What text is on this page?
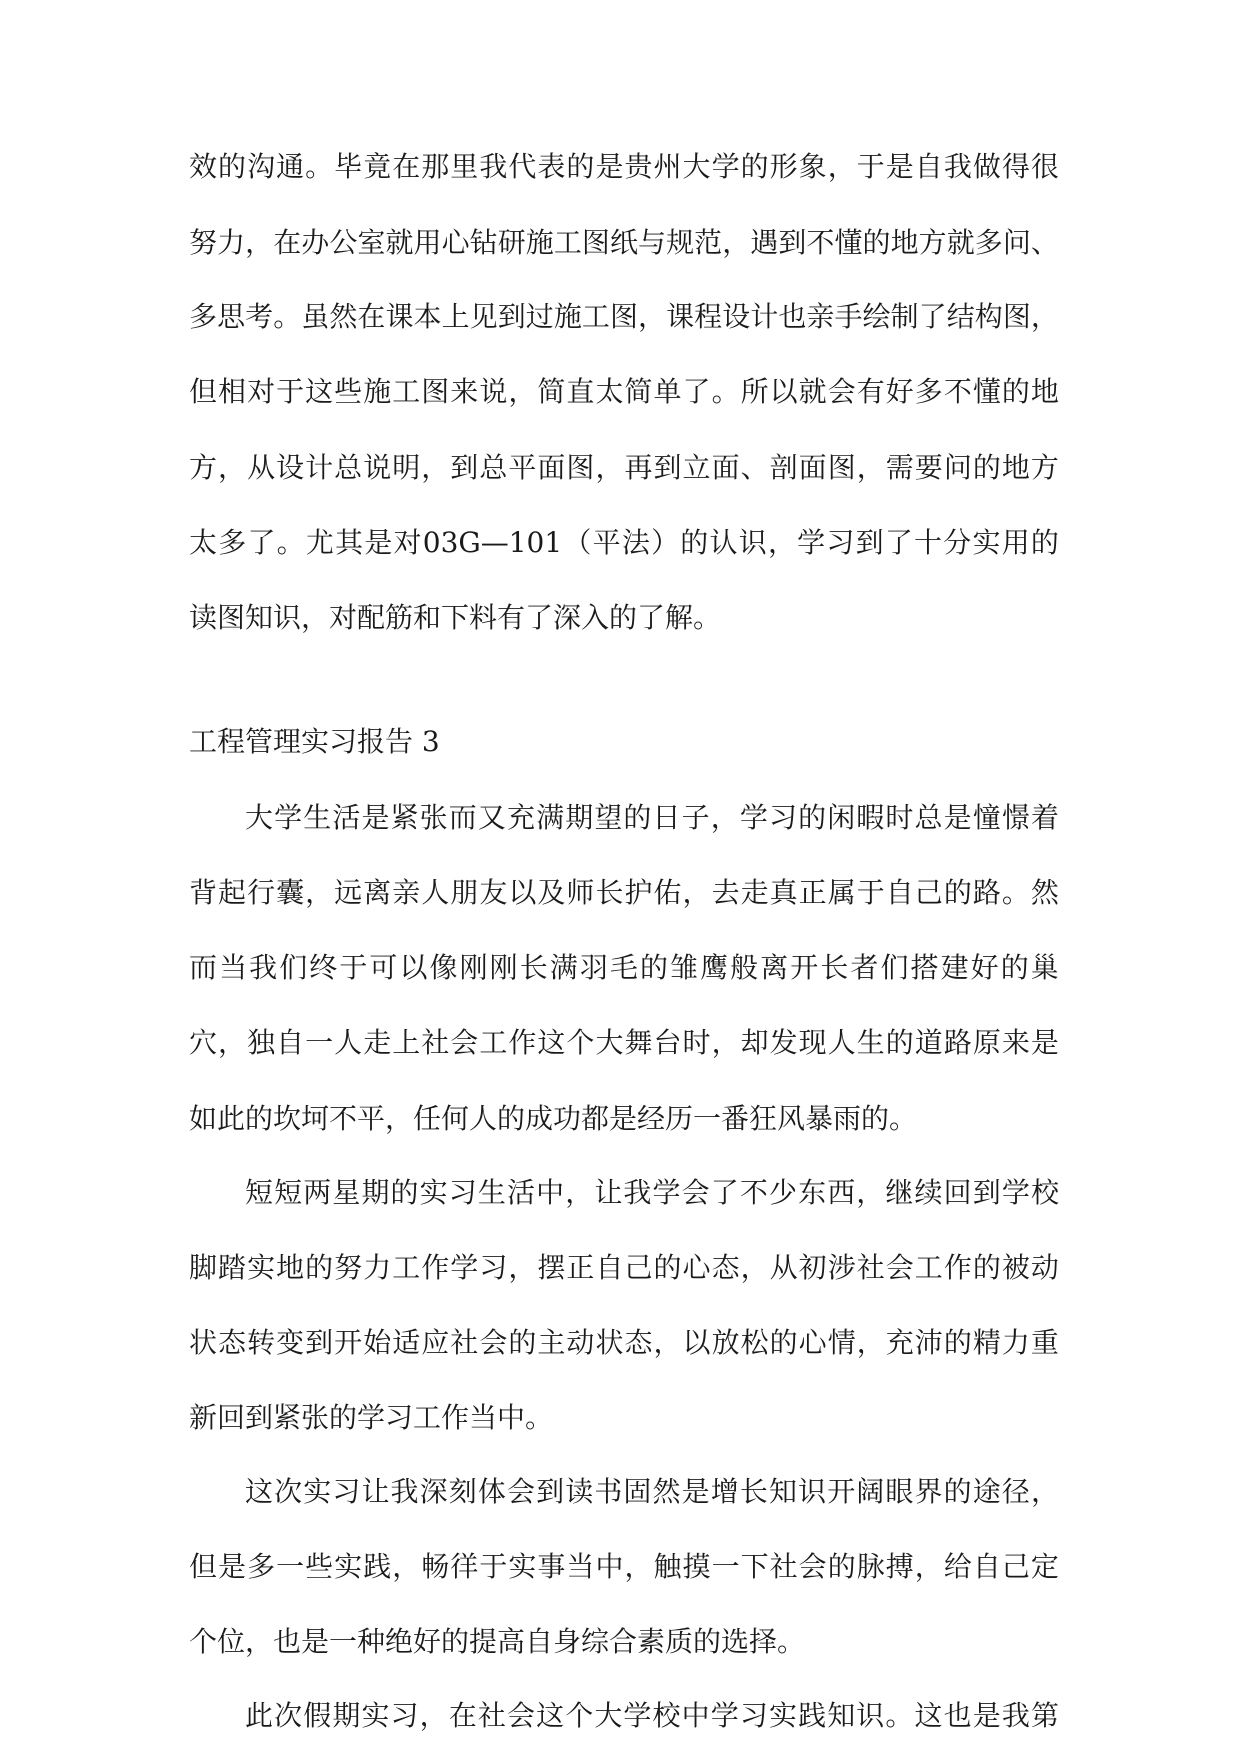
效 的 沟 通 。 毕 竟 在 那 里 我 代 表 的 是 贵 州 大 学 的 形 象 ， 于 是 自 我 做 得 很
努 力 ， 在 办 公 室 就 用 心 钻 研 施 工 图 纸 与 规 范 ， 遇 到 不 懂 的 地 方 就 多 问 、
多 思 考 。 虽 然 在 课 本 上 见 到 过 施 工 图 ， 课 程 设 计 也 亲 手 绘 制 了 结 构 图 ，
但 相 对 于 这 些 施 工 图 来 说 ， 简 直 太 简 单 了 。 所 以 就 会 有 好 多 不 懂 的 地
方 ， 从 设 计 总 说 明 ， 到 总 平 面 图 ， 再 到 立 面 、 剖 面 图 ， 需 要 问 的 地 方
太 多 了 。 尤 其 是 对 03G—101 （ 平 法 ） 的 认 识 ， 学 习 到 了 十 分 实 用 的
读图知识，对配筋和下料有了深入的了解。
工程管理实习报告 3
大 学 生 活 是 紧 张 而 又 充 满 期 望 的 日 子 ， 学 习 的 闲 暇 时 总 是 憧 憬 着
背 起 行 囊 ， 远 离 亲 人 朋 友 以 及 师 长 护 佑 ， 去 走 真 正 属 于 自 己 的 路 。 然
而 当 我 们 终 于 可 以 像 刚 刚 长 满 羽 毛 的 雏 鹰 般 离 开 长 者 们 搭 建 好 的 巢
穴 ， 独 自 一 人 走 上 社 会 工 作 这 个 大 舞 台 时 ， 却 发 现 人 生 的 道 路 原 来 是
如此的坎坷不平，任何人的成功都是经历一番狂风暴雨的。
短 短 两 星 期 的 实 习 生 活 中 ， 让 我 学 会 了 不 少 东 西 ， 继 续 回 到 学 校
脚 踏 实 地 的 努 力 工 作 学 习 ， 摆 正 自 己 的 心 态 ， 从 初 涉 社 会 工 作 的 被 动
状 态 转 变 到 开 始 适 应 社 会 的 主 动 状 态 ， 以 放 松 的 心 情 ， 充 沛 的 精 力 重
新回到紧张的学习工作当中。
这 次 实 习 让 我 深 刻 体 会 到 读 书 固 然 是 增 长 知 识 开 阔 眼 界 的 途 径 ，
但 是 多 一 些 实 践 ， 畅 徉 于 实 事 当 中 ， 触 摸 一 下 社 会 的 脉 搏 ， 给 自 己 定
个位，也是一种绝好的提高自身综合素质的选择。
此 次 假 期 实 习 ， 在 社 会 这 个 大 学 校 中 学 习 实 践 知 识 。 这 也 是 我 第
